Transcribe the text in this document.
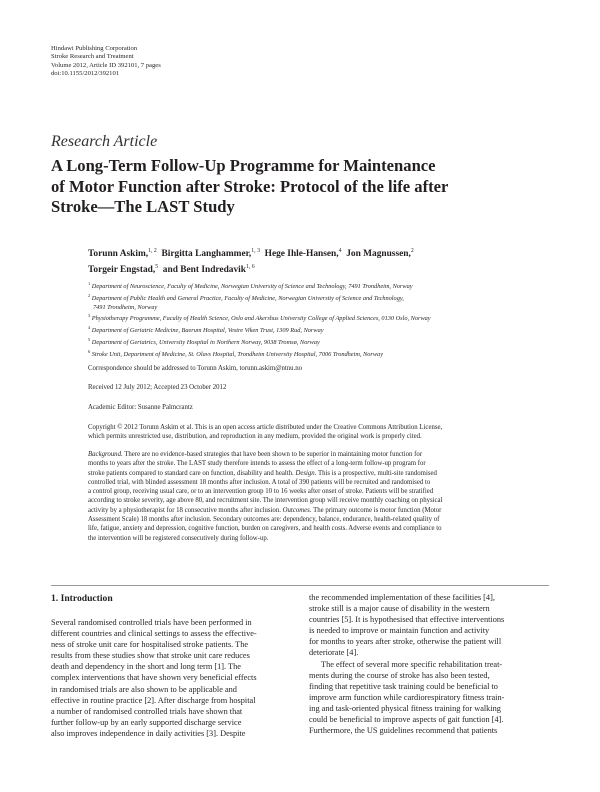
Hindawi Publishing Corporation
Stroke Research and Treatment
Volume 2012, Article ID 392101, 7 pages
doi:10.1155/2012/392101
Research Article
A Long-Term Follow-Up Programme for Maintenance
of Motor Function after Stroke: Protocol of the life after
Stroke—The LAST Study
Torunn Askim,$^{1, 2}$ Birgitta Langhammer,$^{1, 3}$ Hege Ihle-Hansen,$^4$ Jon Magnussen,$^2$
Torgeir Engstad,$^5$ and Bent Indredavik$^{1, 6}$
$^1$ Department of Neuroscience, Faculty of Medicine, Norwegian University of Science and Technology, 7491 Trondheim, Norway
$^2$ Department of Public Health and General Practice, Faculty of Medicine, Norwegian University of Science and Technology,
7491 Trondheim, Norway
$^3$ Physiotherapy Programme, Faculty of Health Science, Oslo and Akershus University College of Applied Sciences, 0130 Oslo, Norway
$^4$ Department of Geriatric Medicine, Baerum Hospital, Vestre Viken Trust, 1309 Rud, Norway
$^5$ Department of Geriatrics, University Hospital in Northern Norway, 9038 Tromsø, Norway
$^6$ Stroke Unit, Department of Medicine, St. Olavs Hospital, Trondheim University Hospital, 7006 Trondheim, Norway
Correspondence should be addressed to Torunn Askim, torunn.askim@ntnu.no
Received 12 July 2012; Accepted 23 October 2012
Academic Editor: Susanne Palmcrantz
Copyright © 2012 Torunn Askim et al. This is an open access article distributed under the Creative Commons Attribution License,
which permits unrestricted use, distribution, and reproduction in any medium, provided the original work is properly cited.
Background. There are no evidence-based strategies that have been shown to be superior in maintaining motor function for
months to years after the stroke. The LAST study therefore intends to assess the effect of a long-term follow-up program for
stroke patients compared to standard care on function, disability and health. Design. This is a prospective, multi-site randomised
controlled trial, with blinded assessment 18 months after inclusion. A total of 390 patients will be recruited and randomised to
a control group, receiving usual care, or to an intervention group 10 to 16 weeks after onset of stroke. Patients will be stratified
according to stroke severity, age above 80, and recruitment site. The intervention group will receive monthly coaching on physical
activity by a physiotherapist for 18 consecutive months after inclusion. Outcomes. The primary outcome is motor function (Motor
Assessment Scale) 18 months after inclusion. Secondary outcomes are: dependency, balance, endurance, health-related quality of
life, fatigue, anxiety and depression, cognitive function, burden on caregivers, and health costs. Adverse events and compliance to
the intervention will be registered consecutively during follow-up.
1. Introduction
Several randomised controlled trials have been performed in
different countries and clinical settings to assess the effective-
ness of stroke unit care for hospitalised stroke patients. The
results from these studies show that stroke unit care reduces
death and dependency in the short and long term [1]. The
complex interventions that have shown very beneficial effects
in randomised trials are also shown to be applicable and
effective in routine practice [2]. After discharge from hospital
a number of randomised controlled trials have shown that
further follow-up by an early supported discharge service
also improves independence in daily activities [3]. Despite
the recommended implementation of these facilities [4],
stroke still is a major cause of disability in the western
countries [5]. It is hypothesised that effective interventions
is needed to improve or maintain function and activity
for months to years after stroke, otherwise the patient will
deteriorate [4].
The effect of several more specific rehabilitation treat-
ments during the course of stroke has also been tested,
finding that repetitive task training could be beneficial to
improve arm function while cardiorespiratory fitness train-
ing and task-oriented physical fitness training for walking
could be beneficial to improve aspects of gait function [4].
Furthermore, the US guidelines recommend that patients
